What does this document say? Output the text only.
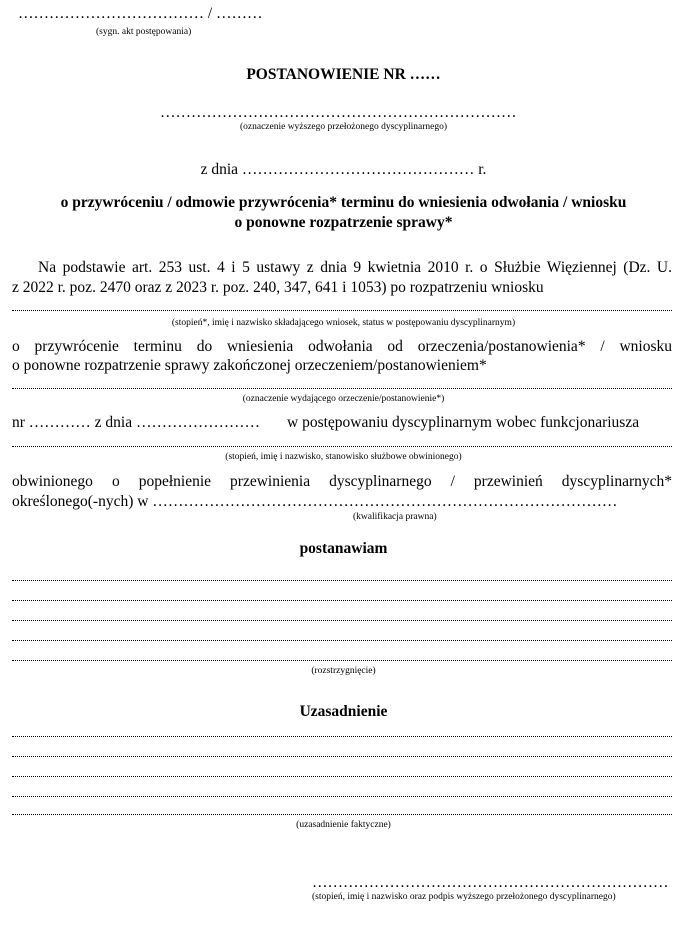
……………………………… / ………
(sygn. akt postępowania)
POSTANOWIENIE NR ……
……………………………………………………………
(oznaczenie wyższego przełożonego dyscyplinarnego)
z dnia ……………………………………… r.
o przywróceniu / odmowie przywrócenia* terminu do wniesienia odwołania / wniosku
o ponowne rozpatrzenie sprawy*
Na podstawie art. 253 ust. 4 i 5 ustawy z dnia 9 kwietnia 2010 r. o Służbie Więziennej (Dz. U.
z 2022 r. poz. 2470 oraz z 2023 r. poz. 240, 347, 641 i 1053) po rozpatrzeniu wniosku
(stopień*, imię i nazwisko składającego wniosek, status w postępowaniu dyscyplinarnym)
o przywrócenie terminu do wniesienia odwołania od orzeczenia/postanowienia* / wniosku
o ponowne rozpatrzenie sprawy zakończonej orzeczeniem/postanowieniem*
(oznaczenie wydającego orzeczenie/postanowienie*)
nr ………… z dnia …………………… w postępowaniu dyscyplinarnym wobec funkcjonariusza
(stopień, imię i nazwisko, stanowisko służbowe obwinionego)
obwinionego o popełnienie przewinienia dyscyplinarnego / przewinień dyscyplinarnych*
określonego(-nych) w ………………………………………………………………………………
(kwalifikacja prawna)
postanawiam
(rozstrzygnięcie)
Uzasadnienie
(uzasadnienie faktyczne)
……………………………………………………………
(stopień, imię i nazwisko oraz podpis wyższego przełożonego dyscyplinarnego)
